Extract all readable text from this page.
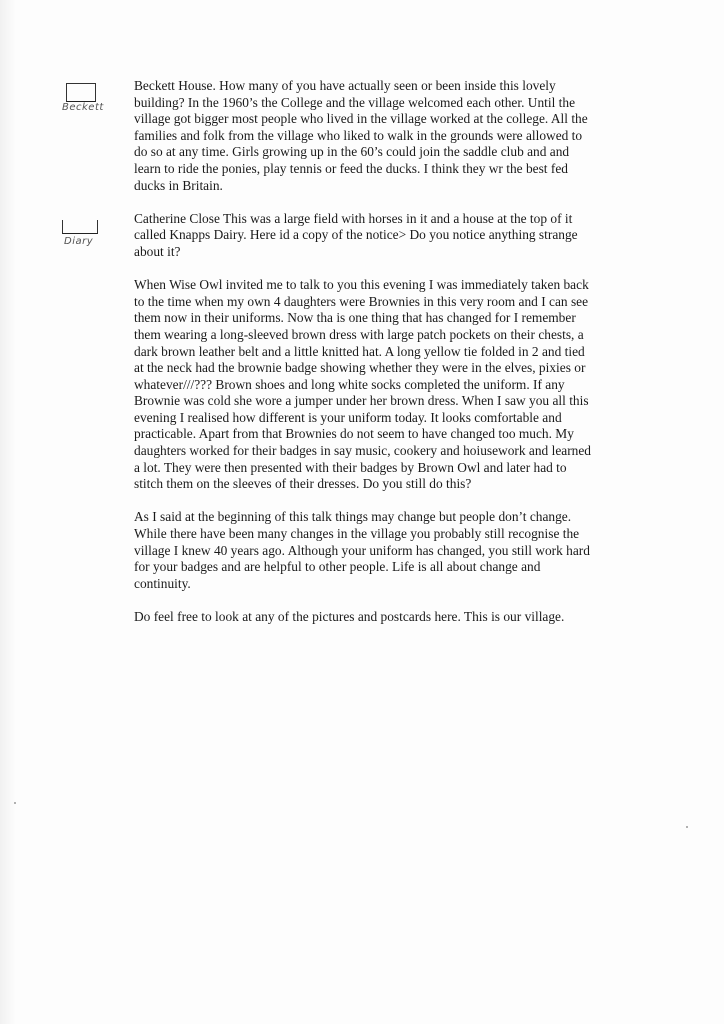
Beckett
Diary

Beckett House. How many of you have actually seen or been inside this lovely
building? In the 1960’s the College and the village welcomed each other. Until the
village got bigger most people who lived in the village worked at the college. All the
families and folk from the village who liked to walk in the grounds were allowed to
do so at any time. Girls growing up in the 60’s could join the saddle club and and
learn to ride the ponies, play tennis or feed the ducks. I think they wr the best fed
ducks in Britain.

Catherine Close This was a large field with horses in it and a house at the top of it
called Knapps Dairy. Here id a copy of the notice> Do you notice anything strange
about it?

When Wise Owl invited me to talk to you this evening I was immediately taken back
to the time when my own 4 daughters were Brownies in this very room and I can see
them now in their uniforms. Now tha is one thing that has changed for I remember
them wearing a long-sleeved brown dress with large patch pockets on their chests, a
dark brown leather belt and a little knitted hat. A long yellow tie folded in 2 and tied
at the neck had the brownie badge showing whether they were in the elves, pixies or
whatever///??? Brown shoes and long white socks completed the uniform. If any
Brownie was cold she wore a jumper under her brown dress. When I saw you all this
evening I realised how different is your uniform today. It looks comfortable and
practicable. Apart from that Brownies do not seem to have changed too much. My
daughters worked for their badges in say music, cookery and hoiusework and learned
a lot. They were then presented with their badges by Brown Owl and later had to
stitch them on the sleeves of their dresses. Do you still do this?

As I said at the beginning of this talk things may change but people don’t change.
While there have been many changes in the village you probably still recognise the
village I knew 40 years ago. Although your uniform has changed, you still work hard
for your badges and are helpful to other people. Life is all about change and
continuity.

Do feel free to look at any of the pictures and postcards here. This is our village.
